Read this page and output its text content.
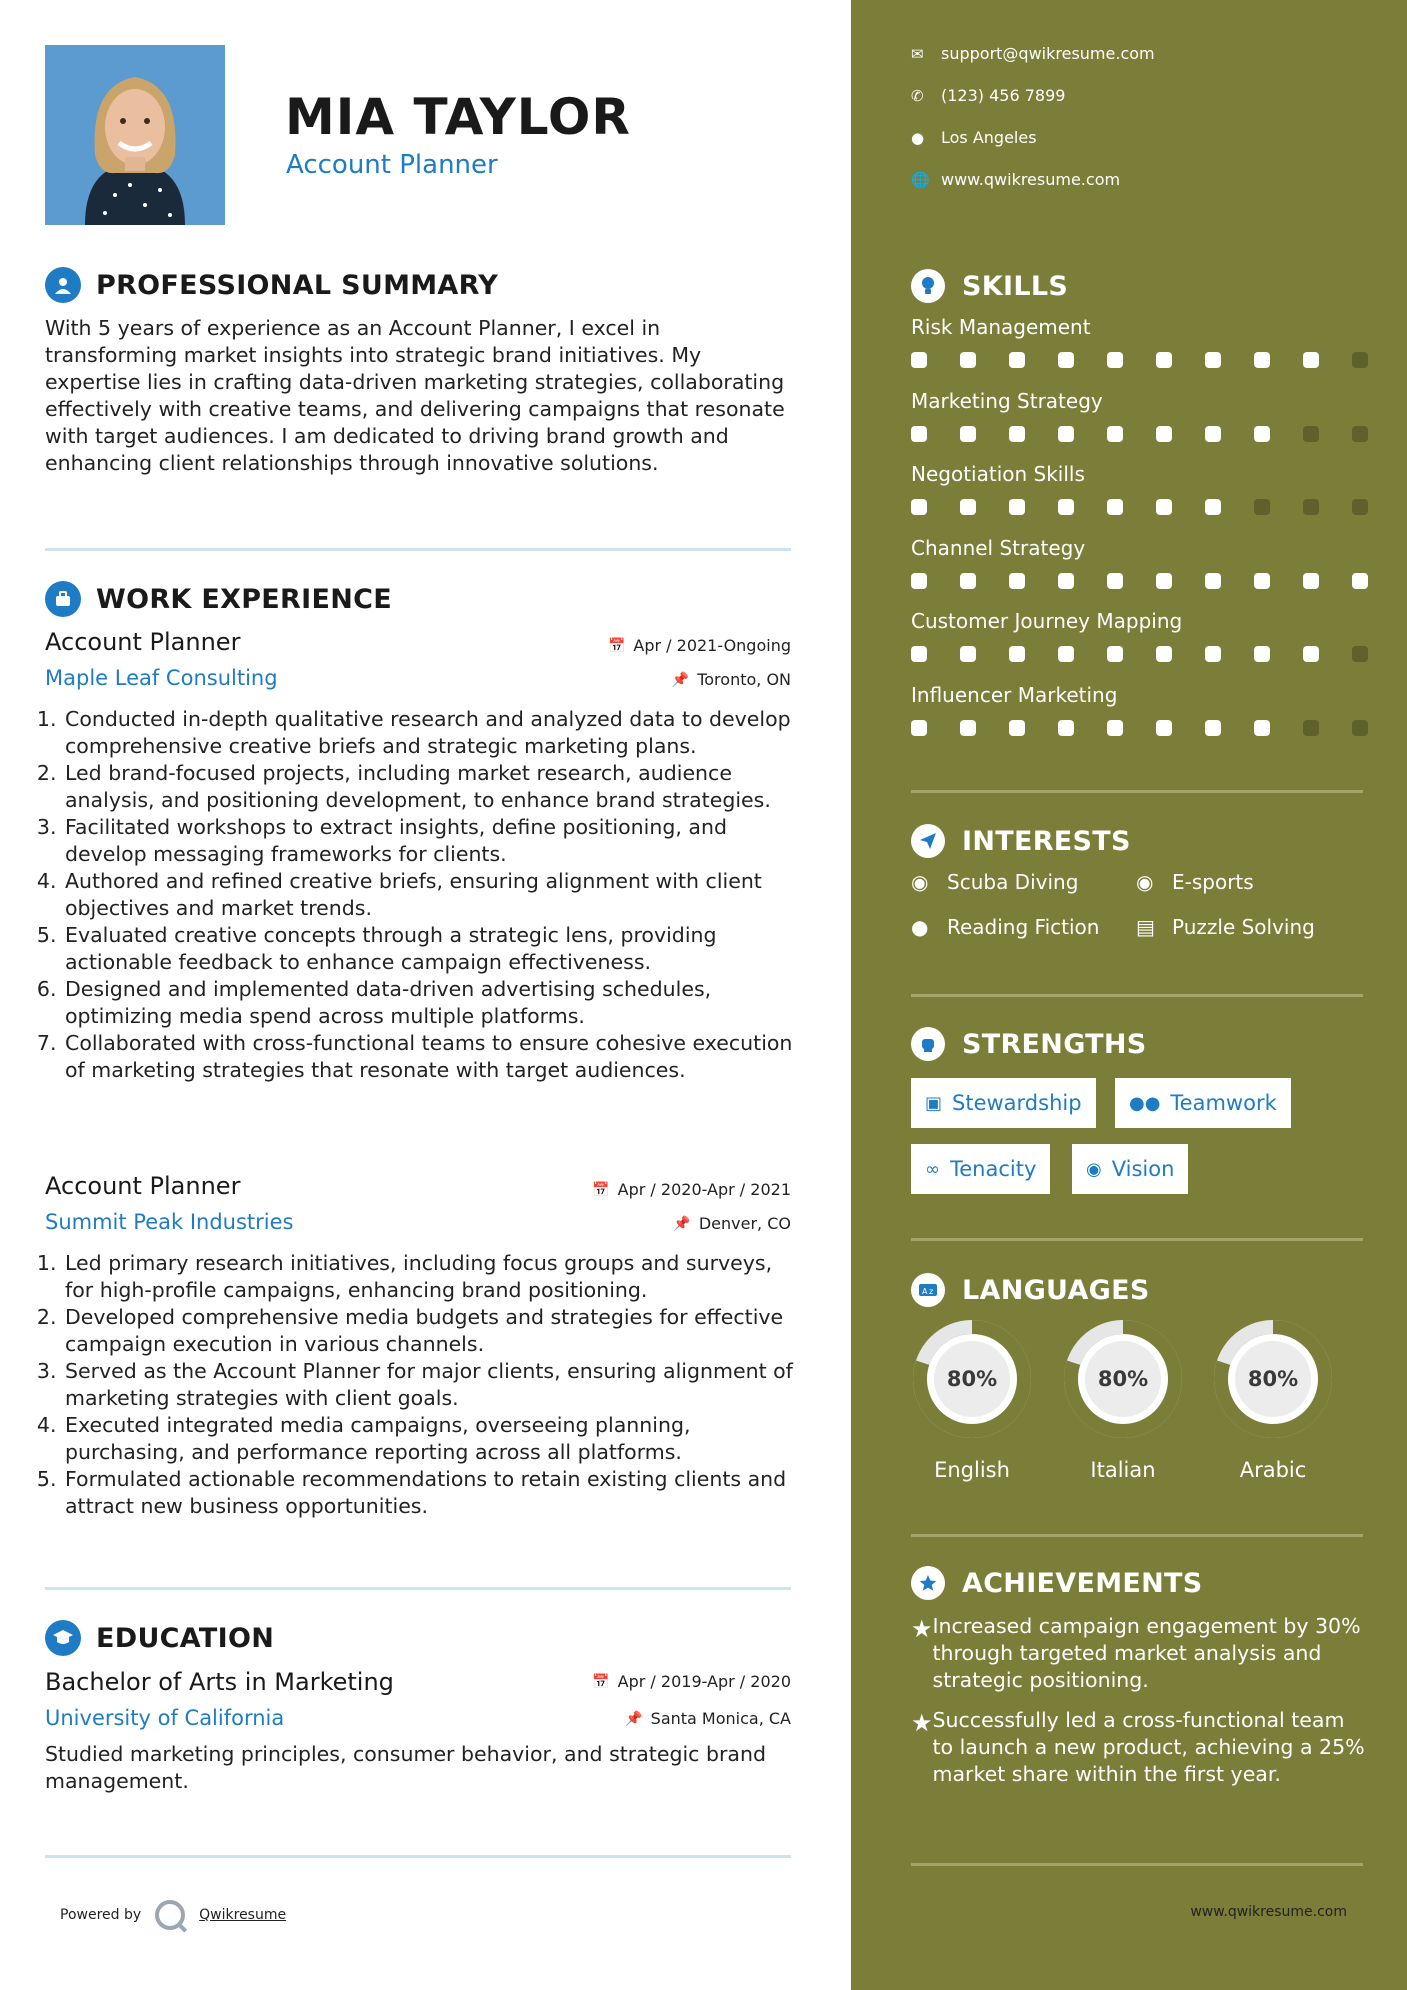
MIA TAYLOR
Account Planner
PROFESSIONAL SUMMARY
With 5 years of experience as an Account Planner, I excel in transforming market insights into strategic brand initiatives. My expertise lies in crafting data-driven marketing strategies, collaborating effectively with creative teams, and delivering campaigns that resonate with target audiences. I am dedicated to driving brand growth and enhancing client relationships through innovative solutions.
WORK EXPERIENCE
Account Planner	📅 Apr / 2021-Ongoing
Maple Leaf Consulting	📌 Toronto, ON
1. Conducted in-depth qualitative research and analyzed data to develop comprehensive creative briefs and strategic marketing plans.
2. Led brand-focused projects, including market research, audience analysis, and positioning development, to enhance brand strategies.
3. Facilitated workshops to extract insights, define positioning, and develop messaging frameworks for clients.
4. Authored and refined creative briefs, ensuring alignment with client objectives and market trends.
5. Evaluated creative concepts through a strategic lens, providing actionable feedback to enhance campaign effectiveness.
6. Designed and implemented data-driven advertising schedules, optimizing media spend across multiple platforms.
7. Collaborated with cross-functional teams to ensure cohesive execution of marketing strategies that resonate with target audiences.
Account Planner	📅 Apr / 2020-Apr / 2021
Summit Peak Industries	📌 Denver, CO
1. Led primary research initiatives, including focus groups and surveys, for high-profile campaigns, enhancing brand positioning.
2. Developed comprehensive media budgets and strategies for effective campaign execution in various channels.
3. Served as the Account Planner for major clients, ensuring alignment of marketing strategies with client goals.
4. Executed integrated media campaigns, overseeing planning, purchasing, and performance reporting across all platforms.
5. Formulated actionable recommendations to retain existing clients and attract new business opportunities.
EDUCATION
Bachelor of Arts in Marketing	📅 Apr / 2019-Apr / 2020
University of California	📌 Santa Monica, CA
Studied marketing principles, consumer behavior, and strategic brand management.
Powered by	Qwikresume
✉	support@qwikresume.com
✆	(123) 456 7899
●	Los Angeles
🌐 www.qwikresume.com
SKILLS
Risk Management
Marketing Strategy
Negotiation Skills
Channel Strategy
Customer Journey Mapping
Influencer Marketing
INTERESTS
◉ Scuba Diving	◉ E-sports
● Reading Fiction ▤ Puzzle Solving
STRENGTHS
▣ Stewardship	●● Teamwork
∞ Tenacity	◉ Vision
A z LANGUAGES
80%
English
80%
Italian
80%
Arabic
ACHIEVEMENTS
★ Increased campaign engagement by 30% through targeted market analysis and strategic positioning.
★ Successfully led a cross-functional team to launch a new product, achieving a 25% market share within the first year.
www.qwikresume.com
